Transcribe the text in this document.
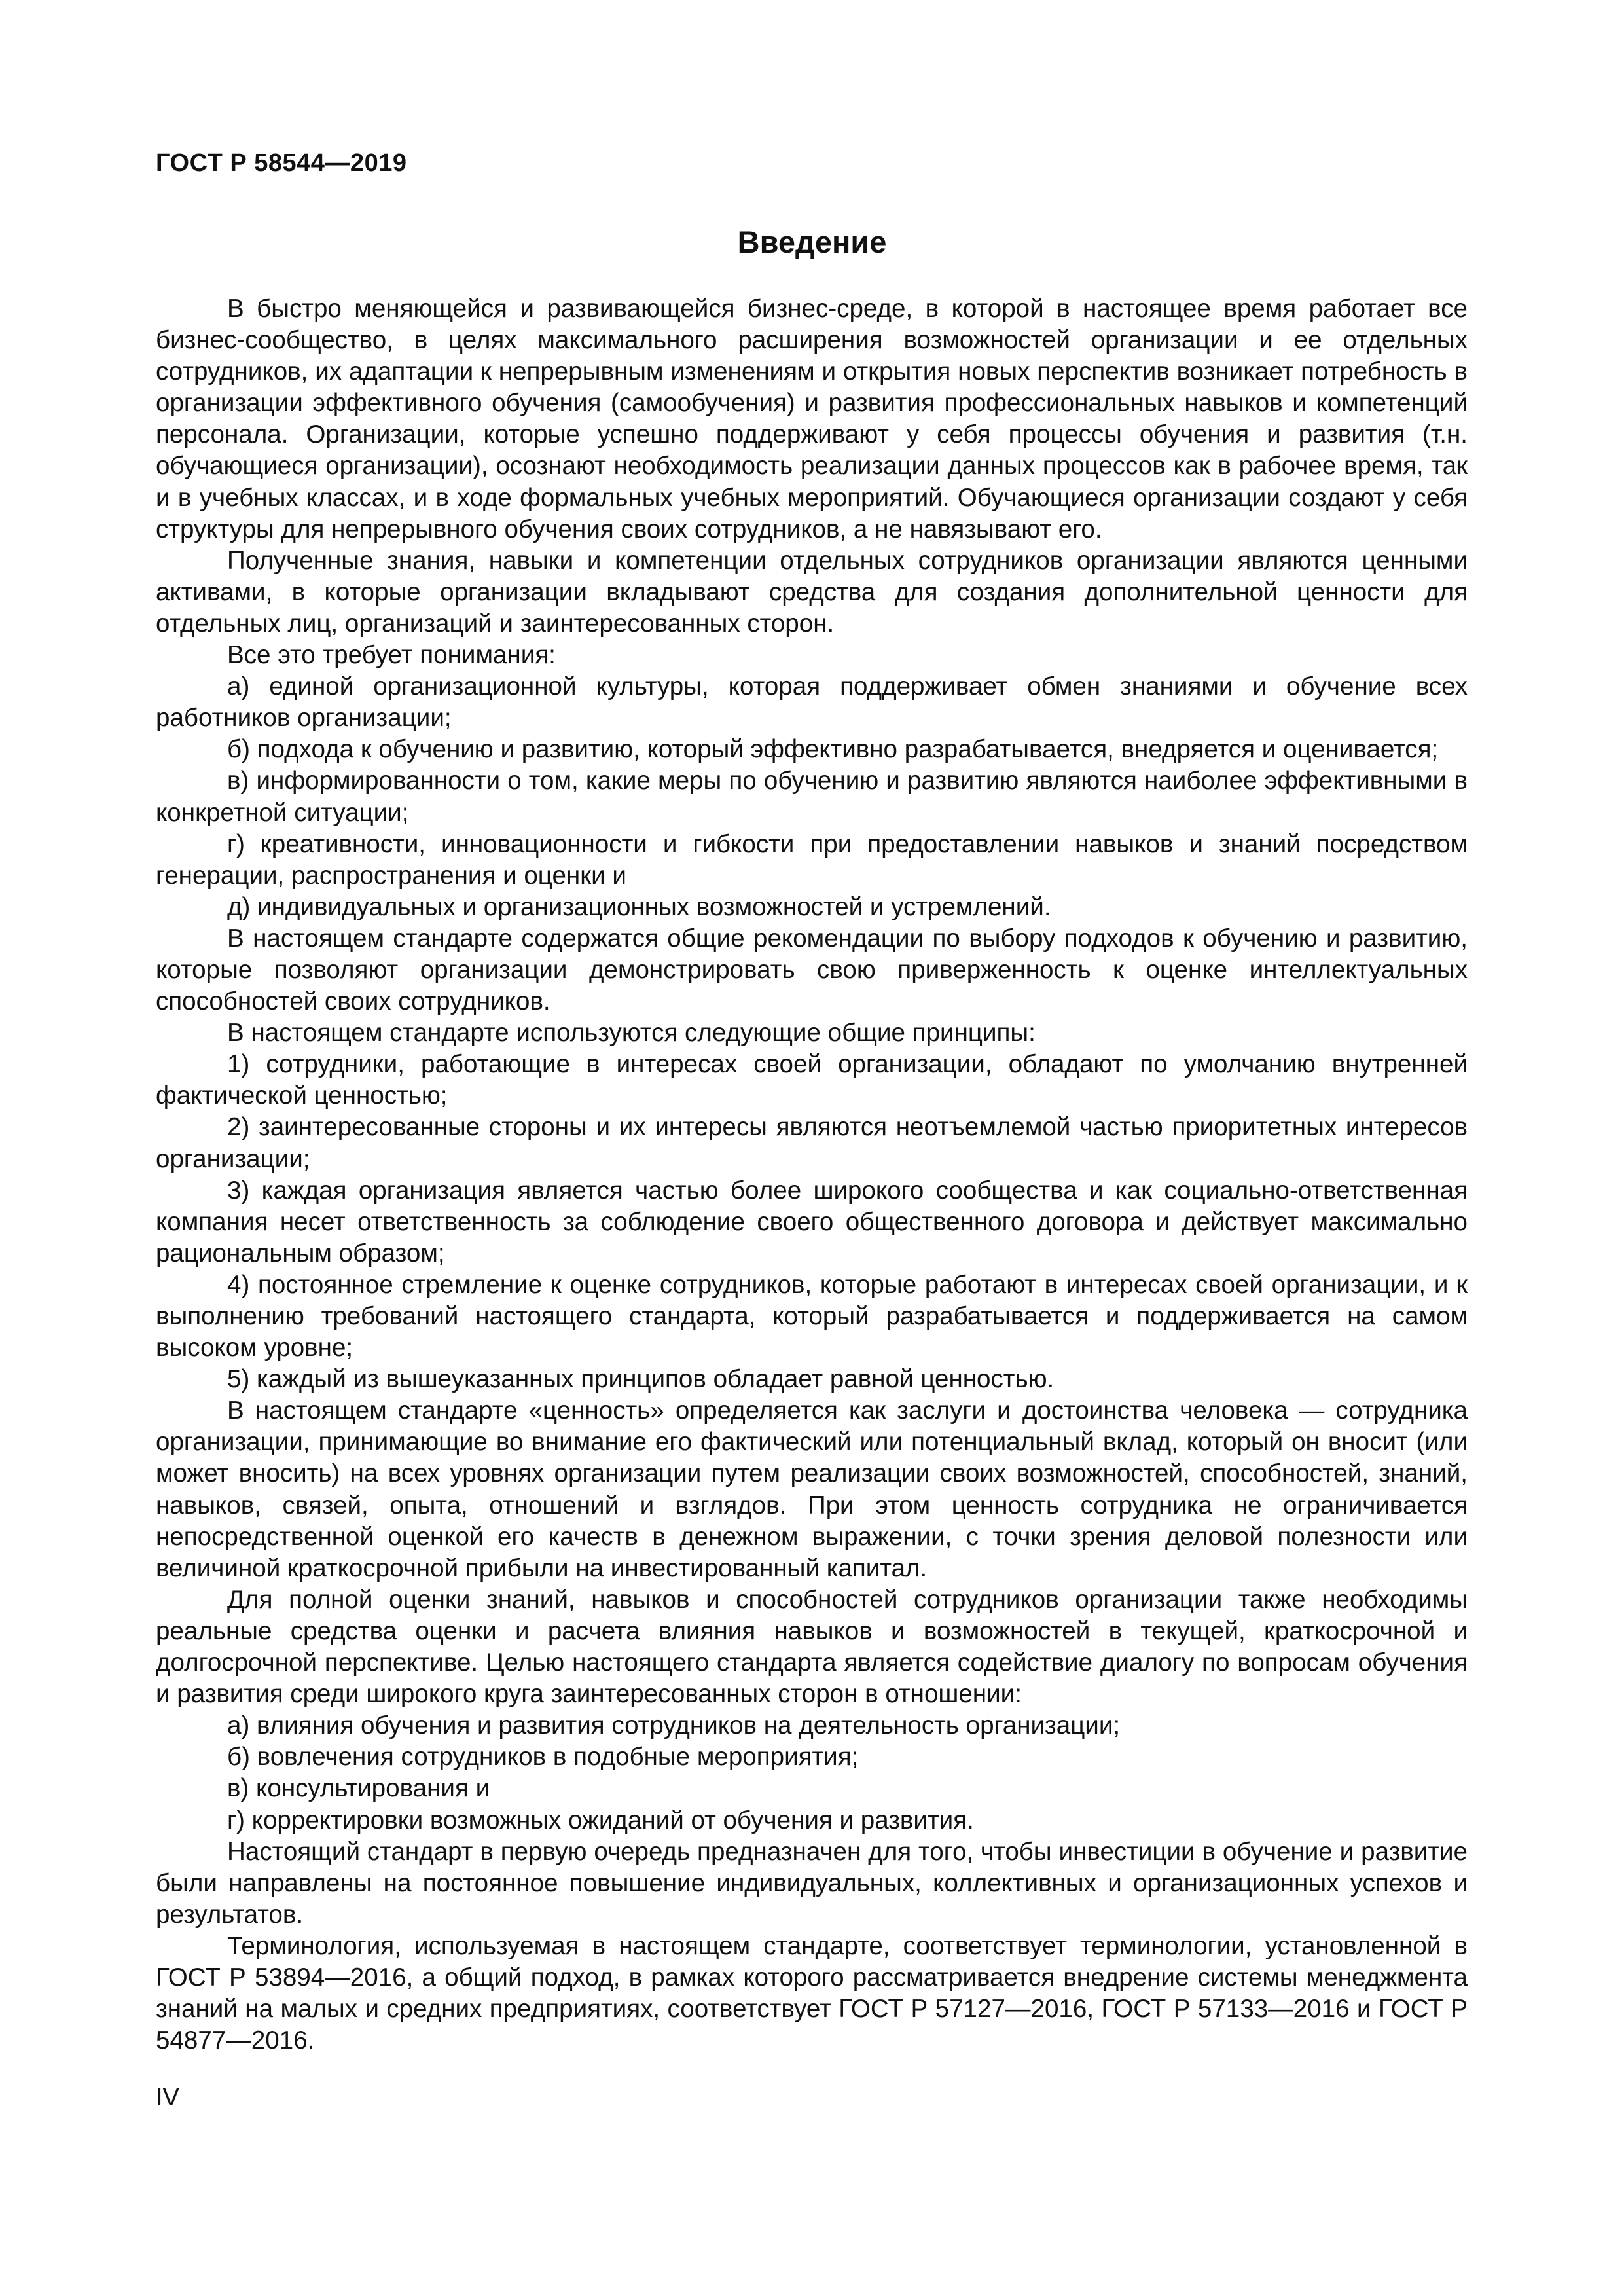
ГОСТ Р 58544—2019
Введение

В быстро меняющейся и развивающейся бизнес-среде, в которой в настоящее время работает все бизнес-сообщество, в целях максимального расширения возможностей организации и ее отдельных сотрудников, их адаптации к непрерывным изменениям и открытия новых перспектив возникает потребность в организации эффективного обучения (самообучения) и развития профессиональных навыков и компетенций персонала. Организации, которые успешно поддерживают у себя процессы обучения и развития (т.н. обучающиеся организации), осознают необходимость реализации данных процессов как в рабочее время, так и в учебных классах, и в ходе формальных учебных мероприятий. Обучающиеся организации создают у себя структуры для непрерывного обучения своих сотрудников, а не навязывают его.

Полученные знания, навыки и компетенции отдельных сотрудников организации являются ценными активами, в которые организации вкладывают средства для создания дополнительной ценности для отдельных лиц, организаций и заинтересованных сторон.

Все это требует понимания:

а) единой организационной культуры, которая поддерживает обмен знаниями и обучение всех работников организации;

б) подхода к обучению и развитию, который эффективно разрабатывается, внедряется и оценивается;

в) информированности о том, какие меры по обучению и развитию являются наиболее эффективными в конкретной ситуации;

г) креативности, инновационности и гибкости при предоставлении навыков и знаний посредством генерации, распространения и оценки и

д) индивидуальных и организационных возможностей и устремлений.

В настоящем стандарте содержатся общие рекомендации по выбору подходов к обучению и развитию, которые позволяют организации демонстрировать свою приверженность к оценке интеллектуальных способностей своих сотрудников.

В настоящем стандарте используются следующие общие принципы:

1) сотрудники, работающие в интересах своей организации, обладают по умолчанию внутренней фактической ценностью;

2) заинтересованные стороны и их интересы являются неотъемлемой частью приоритетных интересов организации;

3) каждая организация является частью более широкого сообщества и как социально-ответственная компания несет ответственность за соблюдение своего общественного договора и действует максимально рациональным образом;

4) постоянное стремление к оценке сотрудников, которые работают в интересах своей организации, и к выполнению требований настоящего стандарта, который разрабатывается и поддерживается на самом высоком уровне;

5) каждый из вышеуказанных принципов обладает равной ценностью.

В настоящем стандарте «ценность» определяется как заслуги и достоинства человека — сотрудника организации, принимающие во внимание его фактический или потенциальный вклад, который он вносит (или может вносить) на всех уровнях организации путем реализации своих возможностей, способностей, знаний, навыков, связей, опыта, отношений и взглядов. При этом ценность сотрудника не ограничивается непосредственной оценкой его качеств в денежном выражении, с точки зрения деловой полезности или величиной краткосрочной прибыли на инвестированный капитал.

Для полной оценки знаний, навыков и способностей сотрудников организации также необходимы реальные средства оценки и расчета влияния навыков и возможностей в текущей, краткосрочной и долгосрочной перспективе. Целью настоящего стандарта является содействие диалогу по вопросам обучения и развития среди широкого круга заинтересованных сторон в отношении:

а) влияния обучения и развития сотрудников на деятельность организации;

б) вовлечения сотрудников в подобные мероприятия;

в) консультирования и

г) корректировки возможных ожиданий от обучения и развития.

Настоящий стандарт в первую очередь предназначен для того, чтобы инвестиции в обучение и развитие были направлены на постоянное повышение индивидуальных, коллективных и организационных успехов и результатов.

Терминология, используемая в настоящем стандарте, соответствует терминологии, установленной в ГОСТ Р 53894—2016, а общий подход, в рамках которого рассматривается внедрение системы менеджмента знаний на малых и средних предприятиях, соответствует ГОСТ Р 57127—2016, ГОСТ Р 57133—2016 и ГОСТ Р 54877—2016.

IV
